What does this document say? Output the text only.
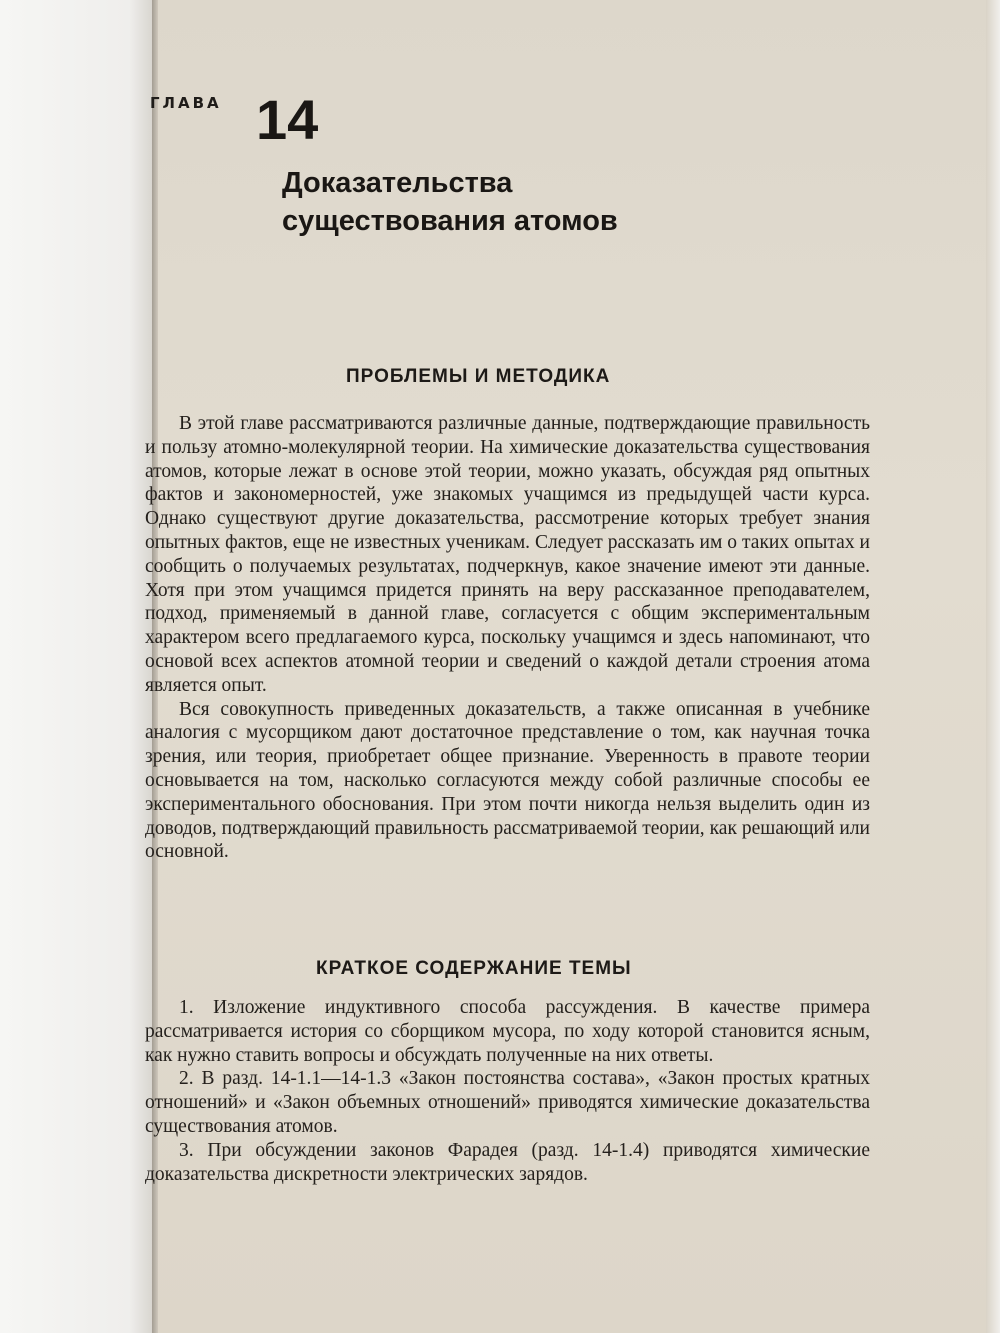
ГЛАВА 14
Доказательства
существования атомов
ПРОБЛЕМЫ И МЕТОДИКА

В этой главе рассматриваются различные данные, подтверждающие правильность и пользу атомно-молекулярной теории. На химические доказательства существования атомов, которые лежат в основе этой теории, можно указать, обсуждая ряд опытных фактов и закономерностей, уже знакомых учащимся из предыдущей части курса. Однако существуют другие доказательства, рассмотрение которых требует знания опытных фактов, еще не известных ученикам. Следует рассказать им о таких опытах и сообщить о получаемых результатах, подчеркнув, какое значение имеют эти данные. Хотя при этом учащимся придется принять на веру рассказанное преподавателем, подход, применяемый в данной главе, согласуется с общим экспериментальным характером всего предлагаемого курса, поскольку учащимся и здесь напоминают, что основой всех аспектов атомной теории и сведений о каждой детали строения атома является опыт.

Вся совокупность приведенных доказательств, а также описанная в учебнике аналогия с мусорщиком дают достаточное представление о том, как научная точка зрения, или теория, приобретает общее признание. Уверенность в правоте теории основывается на том, насколько согласуются между собой различные способы ее экспериментального обоснования. При этом почти никогда нельзя выделить один из доводов, подтверждающий правильность рассматриваемой теории, как решающий или основной.

КРАТКОЕ СОДЕРЖАНИЕ ТЕМЫ

1. Изложение индуктивного способа рассуждения. В качестве примера рассматривается история со сборщиком мусора, по ходу которой становится ясным, как нужно ставить вопросы и обсуждать полученные на них ответы.

2. В разд. 14-1.1—14-1.3 «Закон постоянства состава», «Закон простых кратных отношений» и «Закон объемных отношений» приводятся химические доказательства существования атомов.

3. При обсуждении законов Фарадея (разд. 14-1.4) приводятся химические доказательства дискретности электрических зарядов.
